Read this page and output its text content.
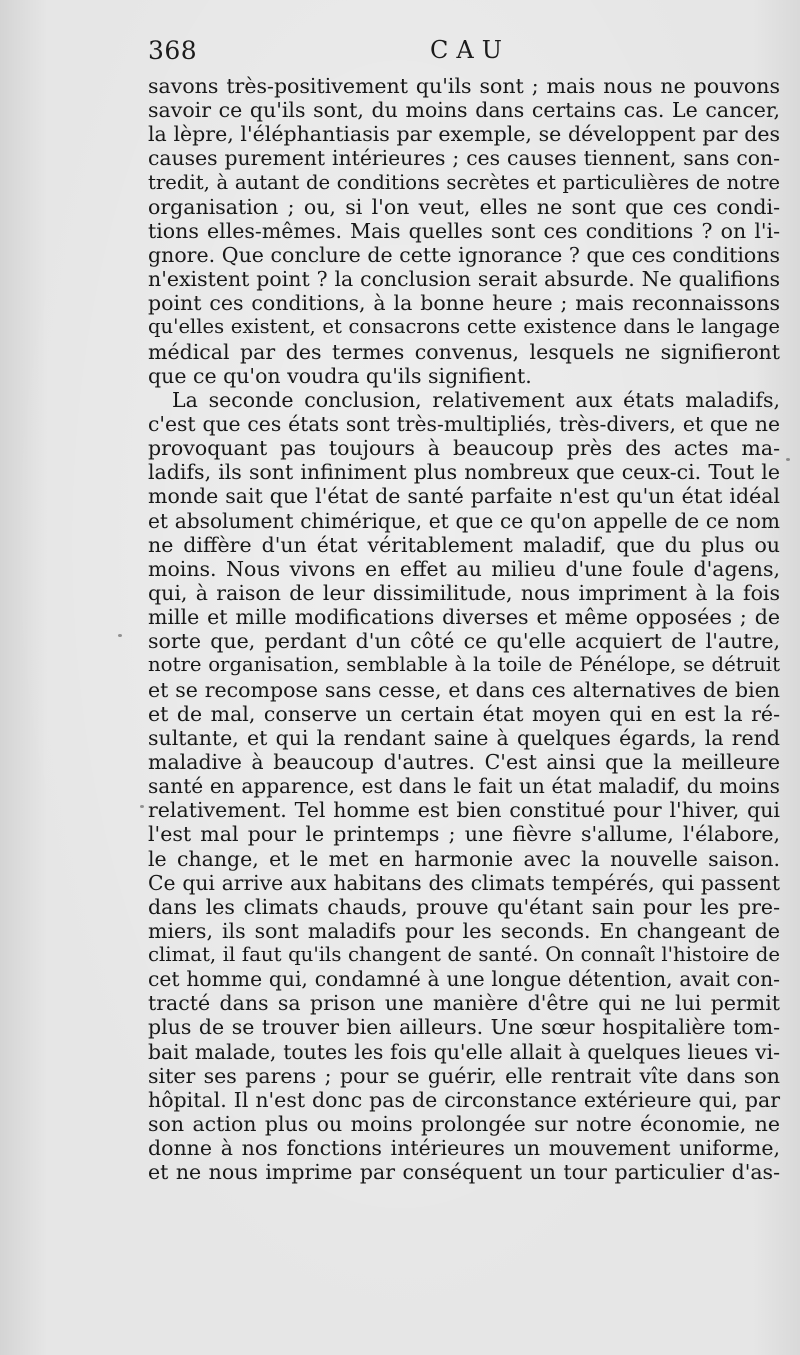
368	CAU
savons très-positivement qu'ils sont ; mais nous ne pouvons
savoir ce qu'ils sont, du moins dans certains cas. Le cancer,
la lèpre, l'éléphantiasis par exemple, se développent par des
causes purement intérieures ; ces causes tiennent, sans con-
tredit, à autant de conditions secrètes et particulières de notre
organisation ; ou, si l'on veut, elles ne sont que ces condi-
tions elles-mêmes. Mais quelles sont ces conditions ? on l'i-
gnore. Que conclure de cette ignorance ? que ces conditions
n'existent point ? la conclusion serait absurde. Ne qualifions
point ces conditions, à la bonne heure ; mais reconnaissons
qu'elles existent, et consacrons cette existence dans le langage
médical par des termes convenus, lesquels ne signifieront
que ce qu'on voudra qu'ils signifient.
La seconde conclusion, relativement aux états maladifs,
c'est que ces états sont très-multipliés, très-divers, et que ne
provoquant pas toujours à beaucoup près des actes ma-
ladifs, ils sont infiniment plus nombreux que ceux-ci. Tout le
monde sait que l'état de santé parfaite n'est qu'un état idéal
et absolument chimérique, et que ce qu'on appelle de ce nom
ne diffère d'un état véritablement maladif, que du plus ou
moins. Nous vivons en effet au milieu d'une foule d'agens,
qui, à raison de leur dissimilitude, nous impriment à la fois
mille et mille modifications diverses et même opposées ; de
sorte que, perdant d'un côté ce qu'elle acquiert de l'autre,
notre organisation, semblable à la toile de Pénélope, se détruit
et se recompose sans cesse, et dans ces alternatives de bien
et de mal, conserve un certain état moyen qui en est la ré-
sultante, et qui la rendant saine à quelques égards, la rend
maladive à beaucoup d'autres. C'est ainsi que la meilleure
santé en apparence, est dans le fait un état maladif, du moins
relativement. Tel homme est bien constitué pour l'hiver, qui
l'est mal pour le printemps ; une fièvre s'allume, l'élabore,
le change, et le met en harmonie avec la nouvelle saison.
Ce qui arrive aux habitans des climats tempérés, qui passent
dans les climats chauds, prouve qu'étant sain pour les pre-
miers, ils sont maladifs pour les seconds. En changeant de
climat, il faut qu'ils changent de santé. On connaît l'histoire de
cet homme qui, condamné à une longue détention, avait con-
tracté dans sa prison une manière d'être qui ne lui permit
plus de se trouver bien ailleurs. Une sœur hospitalière tom-
bait malade, toutes les fois qu'elle allait à quelques lieues vi-
siter ses parens ; pour se guérir, elle rentrait vîte dans son
hôpital. Il n'est donc pas de circonstance extérieure qui, par
son action plus ou moins prolongée sur notre économie, ne
donne à nos fonctions intérieures un mouvement uniforme,
et ne nous imprime par conséquent un tour particulier d'as-
